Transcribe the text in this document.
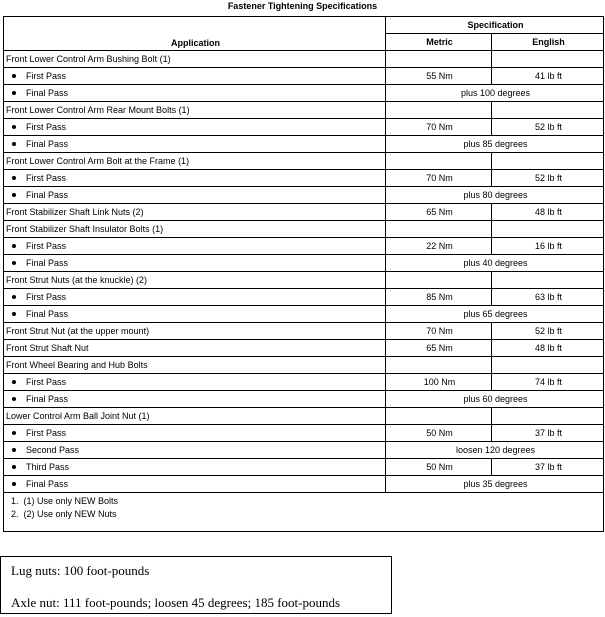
Fastener Tightening Specifications
Application	Specification	
	Metric	English
Front Lower Control Arm Bushing Bolt (1)		
First Pass	55 Nm	41 lb ft
Final Pass	plus 100 degrees	
Front Lower Control Arm Rear Mount Bolts (1)		
First Pass	70 Nm	52 lb ft
Final Pass	plus 85 degrees	
Front Lower Control Arm Bolt at the Frame (1)		
First Pass	70 Nm	52 lb ft
Final Pass	plus 80 degrees	
Front Stabilizer Shaft Link Nuts (2)	65 Nm	48 lb ft
Front Stabilizer Shaft Insulator Bolts (1)		
First Pass	22 Nm	16 lb ft
Final Pass	plus 40 degrees	
Front Strut Nuts (at the knuckle) (2)		
First Pass	85 Nm	63 lb ft
Final Pass	plus 65 degrees	
Front Strut Nut (at the upper mount)	70 Nm	52 lb ft
Front Strut Shaft Nut	65 Nm	48 lb ft
Front Wheel Bearing and Hub Bolts		
First Pass	100 Nm	74 lb ft
Final Pass	plus 60 degrees	
Lower Control Arm Ball Joint Nut (1)		
First Pass	50 Nm	37 lb ft
Second Pass	loosen 120 degrees	
Third Pass	50 Nm	37 lb ft
Final Pass	plus 35 degrees	

1. (1) Use only NEW Bolts
2. (2) Use only NEW Nuts		
Lug nuts: 100 foot-pounds
Axle nut: 111 foot-pounds; loosen 45 degrees; 185 foot-pounds
